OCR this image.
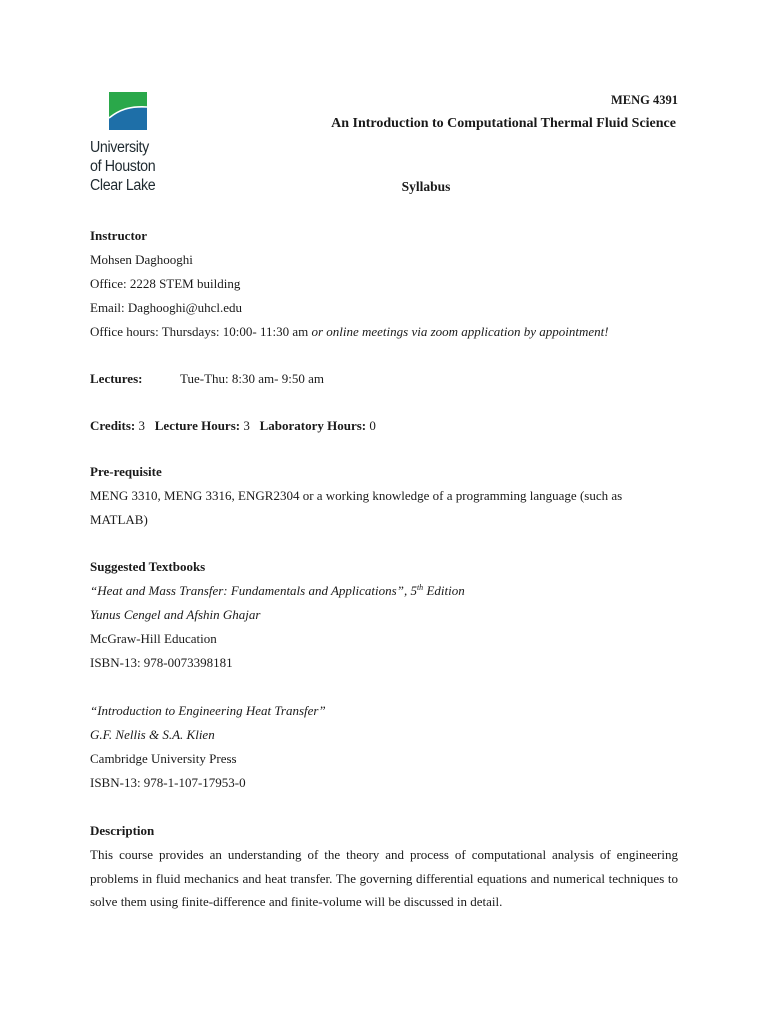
University
of Houston
Clear Lake
MENG 4391
An Introduction to Computational Thermal Fluid Science
Syllabus
Instructor
Mohsen Daghooghi
Office: 2228 STEM building
Email: Daghooghi@uhcl.edu
Office hours: Thursdays: 10:00- 11:30 am or online meetings via zoom application by appointment!
Lectures:	Tue-Thu: 8:30 am- 9:50 am
Credits: 3 Lecture Hours: 3 Laboratory Hours: 0
Pre-requisite
MENG 3310, MENG 3316, ENGR2304 or a working knowledge of a programming language (such as
MATLAB)
Suggested Textbooks
“Heat and Mass Transfer: Fundamentals and Applications”, 5th Edition
Yunus Cengel and Afshin Ghajar
McGraw-Hill Education
ISBN-13: 978-0073398181
“Introduction to Engineering Heat Transfer”
G.F. Nellis & S.A. Klien
Cambridge University Press
ISBN-13: 978-1-107-17953-0
Description
This course provides an understanding of the theory and process of computational analysis of engineering problems in fluid mechanics and heat transfer. The governing differential equations and numerical techniques to solve them using finite-difference and finite-volume will be discussed in detail.
